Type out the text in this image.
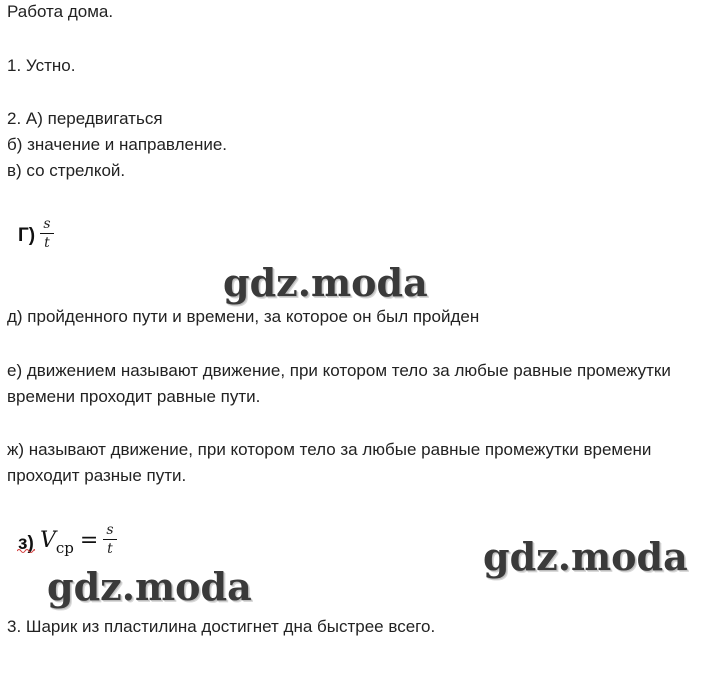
Работа дома.
1. Устно.
2. А) передвигаться
б) значение и направление.
в) со стрелкой.
Г)
s
t
gdz.moda
д) пройденного пути и времени, за которое он был пройден
е) движением называют движение, при котором тело за любые равные промежутки
времени проходит равные пути.
ж) называют движение, при котором тело за любые равные промежутки времени
проходит разные пути.
з) $V_{ср} = s$
t	gdz.moda
gdz.moda
3. Шарик из пластилина достигнет дна быстрее всего.
